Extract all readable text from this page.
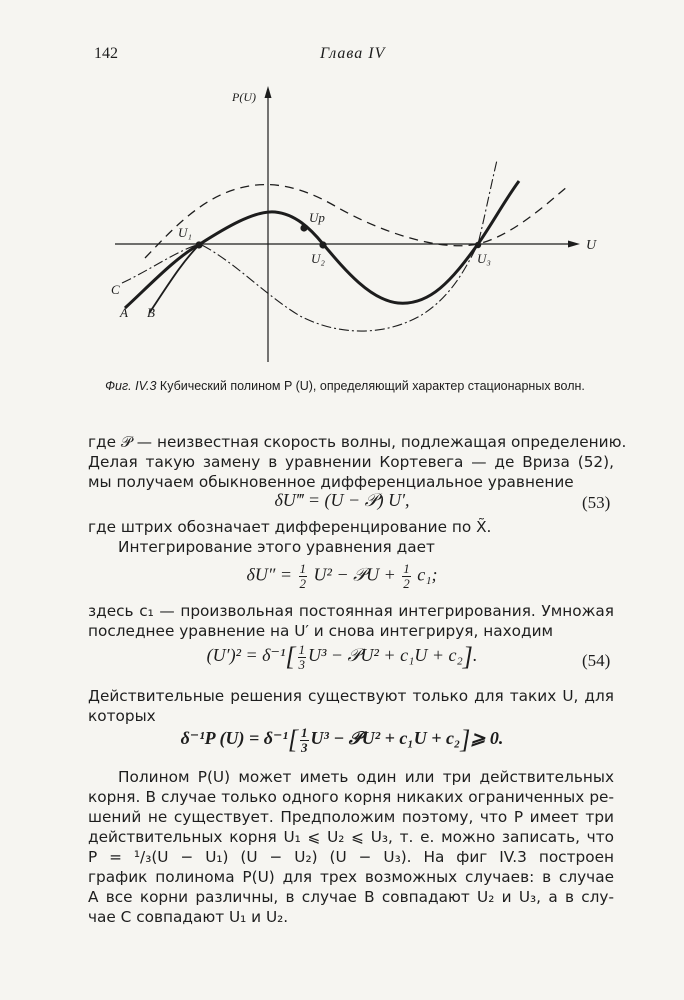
142	Глава IV
P(U)
U
U₁
Up
U₂	U₃
C
A B
Фиг. IV.3 Кубический полином P (U), определяющий характер стационарных волн.
где 𝒫 — неизвестная скорость волны, подлежащая определению.
Делая такую замену в уравнении Кортевега — де Вриза (52),
мы получаем обыкновенное дифференциальное уравнение
δU‴ = (U − 𝒫) U′,	(53)
где штрих обозначает дифференцирование по X̃.
Интегрирование этого уравнения дает
$\delta U'' = \frac{1}{2} U^2$ − 𝒫U + $\frac{1}{2} c_1$;
здесь c₁ — произвольная постоянная интегрирования. Умножая
последнее уравнение на U′ и снова интегрируя, находим
$(U')^2 = \delta^{-1}[ \frac{1}{3} U^3$ − 𝒫U² + c₁U + c₂].	(54)
Действительные решения существуют только для таких U, для
которых
δ⁻¹P $(U) = \delta^{-1}[ \frac{1}{3} U^3$ − 𝒫U² + c₁U + c₂]⩾ 0.
Полином P(U) может иметь один или три действительных
корня. В случае только одного корня никаких ограниченных ре-
шений не существует. Предположим поэтому, что P имеет три
действительных корня U₁ ⩽ U₂ ⩽ U₃, т. е. можно записать, что
P = ¹/₃(U − U₁) (U − U₂) (U − U₃). На фиг IV.3 построен
график полинома P(U) для трех возможных случаев: в случае
A все корни различны, в случае B совпадают U₂ и U₃, а в слу-
чае C совпадают U₁ и U₂.
